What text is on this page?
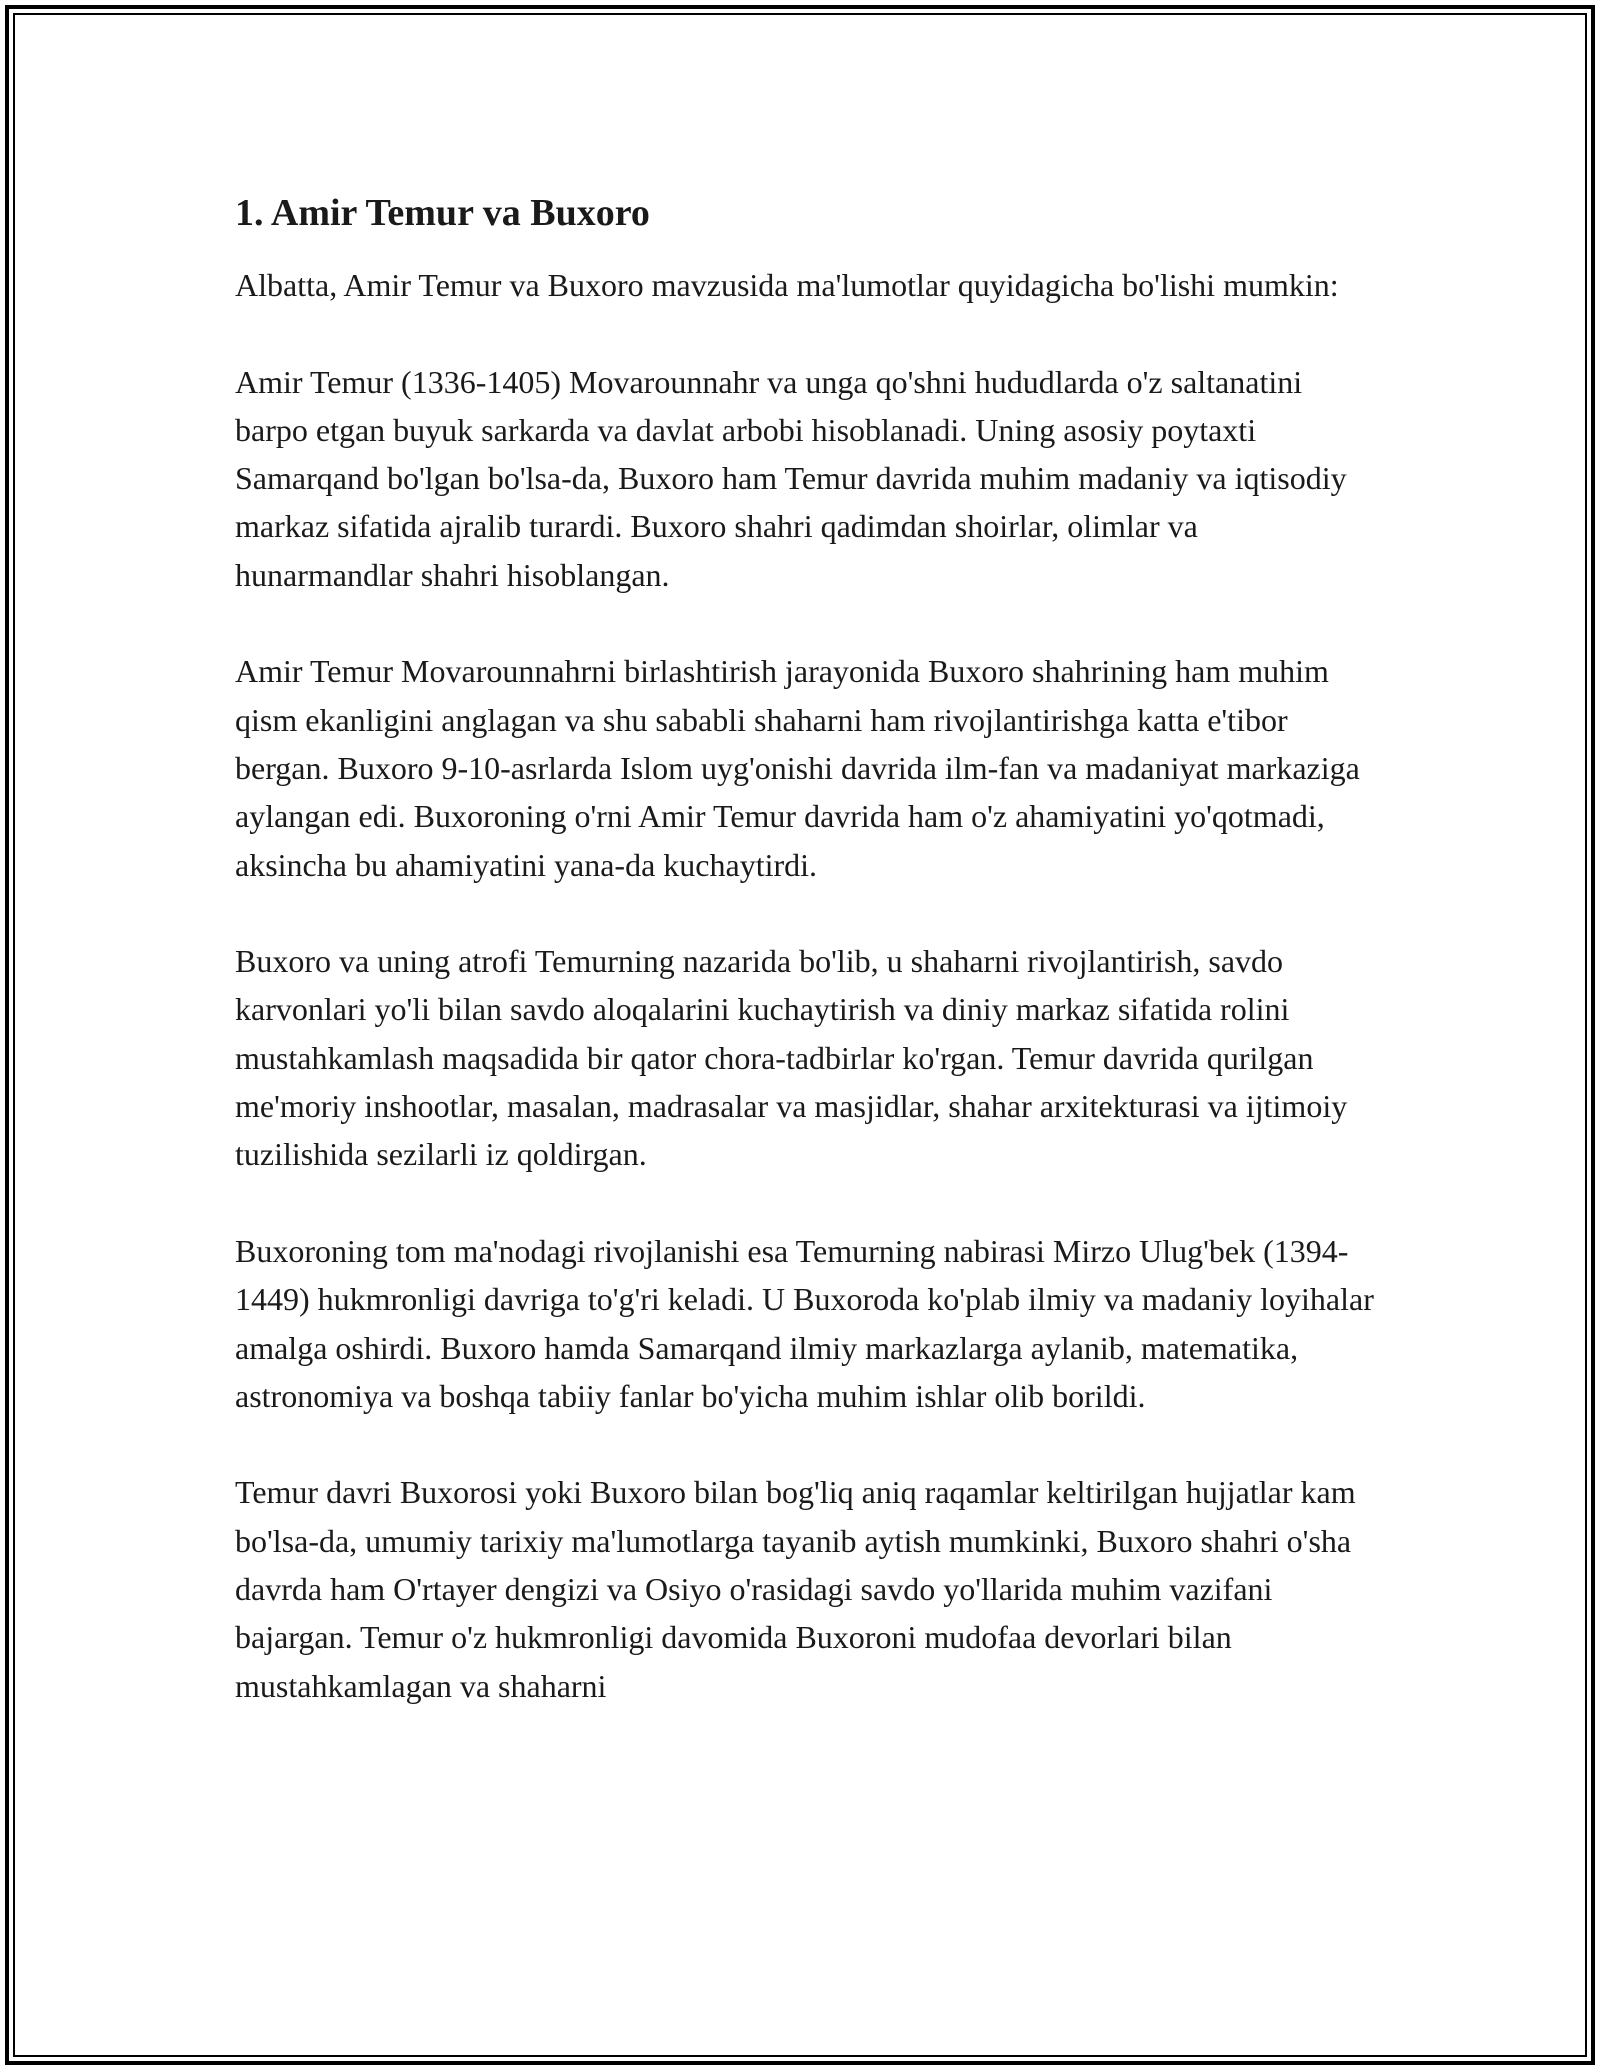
1. Amir Temur va Buxoro

Albatta, Amir Temur va Buxoro mavzusida ma'lumotlar quyidagicha bo'lishi mumkin:

Amir Temur (1336-1405) Movarounnahr va unga qo'shni hududlarda o'z saltanatini barpo etgan buyuk sarkarda va davlat arbobi hisoblanadi. Uning asosiy poytaxti Samarqand bo'lgan bo'lsa-da, Buxoro ham Temur davrida muhim madaniy va iqtisodiy markaz sifatida ajralib turardi. Buxoro shahri qadimdan shoirlar, olimlar va hunarmandlar shahri hisoblangan.

Amir Temur Movarounnahrni birlashtirish jarayonida Buxoro shahrining ham muhim qism ekanligini anglagan va shu sababli shaharni ham rivojlantirishga katta e'tibor bergan. Buxoro 9-10-asrlarda Islom uyg'onishi davrida ilm-fan va madaniyat markaziga aylangan edi. Buxoroning o'rni Amir Temur davrida ham o'z ahamiyatini yo'qotmadi, aksincha bu ahamiyatini yana-da kuchaytirdi.

Buxoro va uning atrofi Temurning nazarida bo'lib, u shaharni rivojlantirish, savdo karvonlari yo'li bilan savdo aloqalarini kuchaytirish va diniy markaz sifatida rolini mustahkamlash maqsadida bir qator chora-tadbirlar ko'rgan. Temur davrida qurilgan me'moriy inshootlar, masalan, madrasalar va masjidlar, shahar arxitekturasi va ijtimoiy tuzilishida sezilarli iz qoldirgan.

Buxoroning tom ma'nodagi rivojlanishi esa Temurning nabirasi Mirzo Ulug'bek (1394-1449) hukmronligi davriga to'g'ri keladi. U Buxoroda ko'plab ilmiy va madaniy loyihalar amalga oshirdi. Buxoro hamda Samarqand ilmiy markazlarga aylanib, matematika, astronomiya va boshqa tabiiy fanlar bo'yicha muhim ishlar olib borildi.

Temur davri Buxorosi yoki Buxoro bilan bog'liq aniq raqamlar keltirilgan hujjatlar kam bo'lsa-da, umumiy tarixiy ma'lumotlarga tayanib aytish mumkinki, Buxoro shahri o'sha davrda ham O'rtayer dengizi va Osiyo o'rasidagi savdo yo'llarida muhim vazifani bajargan. Temur o'z hukmronligi davomida Buxoroni mudofaa devorlari bilan mustahkamlagan va shaharni
